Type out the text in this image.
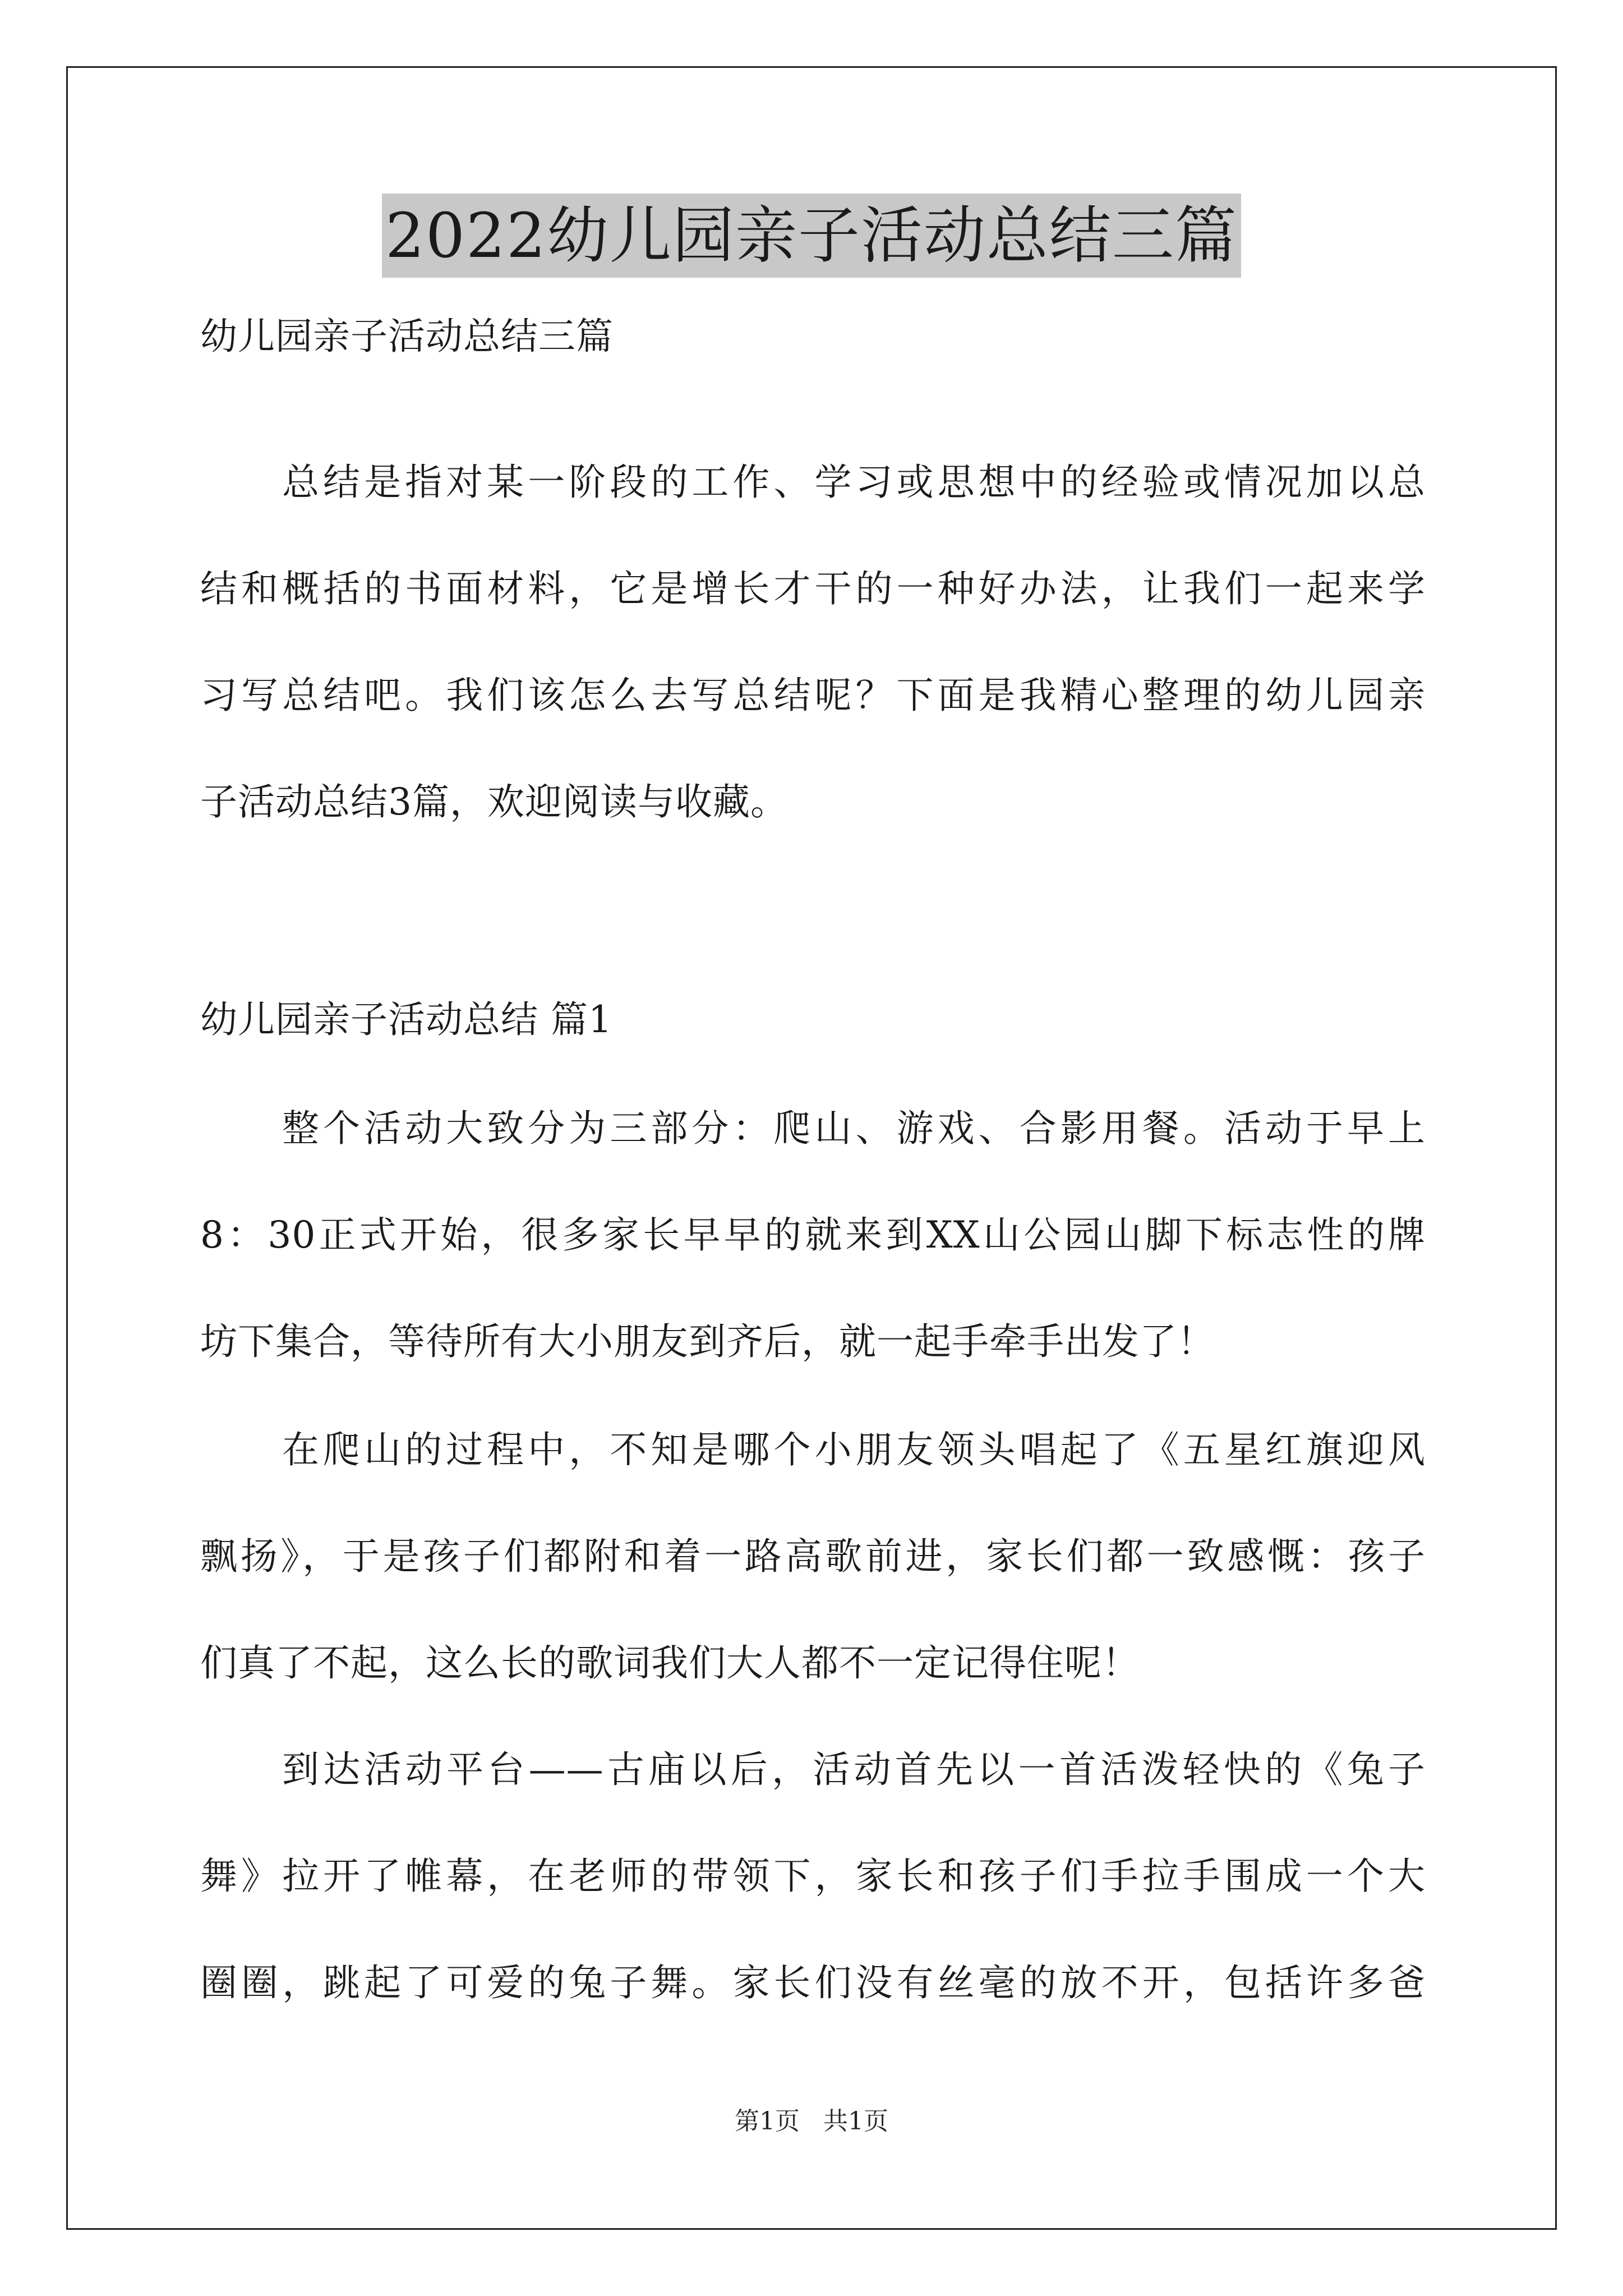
2022幼儿园亲子活动总结三篇
幼儿园亲子活动总结三篇
总结是指对某一阶段的工作、学习或思想中的经验或情况加以总
结和概括的书面材料，它是增长才干的一种好办法，让我们一起来学
习写总结吧。我们该怎么去写总结呢？下面是我精心整理的幼儿园亲
子活动总结3篇，欢迎阅读与收藏。
幼儿园亲子活动总结 篇1
整个活动大致分为三部分：爬山、游戏、合影用餐。活动于早上
8：30正式开始，很多家长早早的就来到XX山公园山脚下标志性的牌
坊下集合，等待所有大小朋友到齐后，就一起手牵手出发了！
在爬山的过程中，不知是哪个小朋友领头唱起了《五星红旗迎风
飘扬》，于是孩子们都附和着一路高歌前进，家长们都一致感慨：孩子
们真了不起，这么长的歌词我们大人都不一定记得住呢！
到达活动平台——古庙以后，活动首先以一首活泼轻快的《兔子
舞》拉开了帷幕，在老师的带领下，家长和孩子们手拉手围成一个大
圈圈，跳起了可爱的兔子舞。家长们没有丝毫的放不开，包括许多爸
第1页   共1页
